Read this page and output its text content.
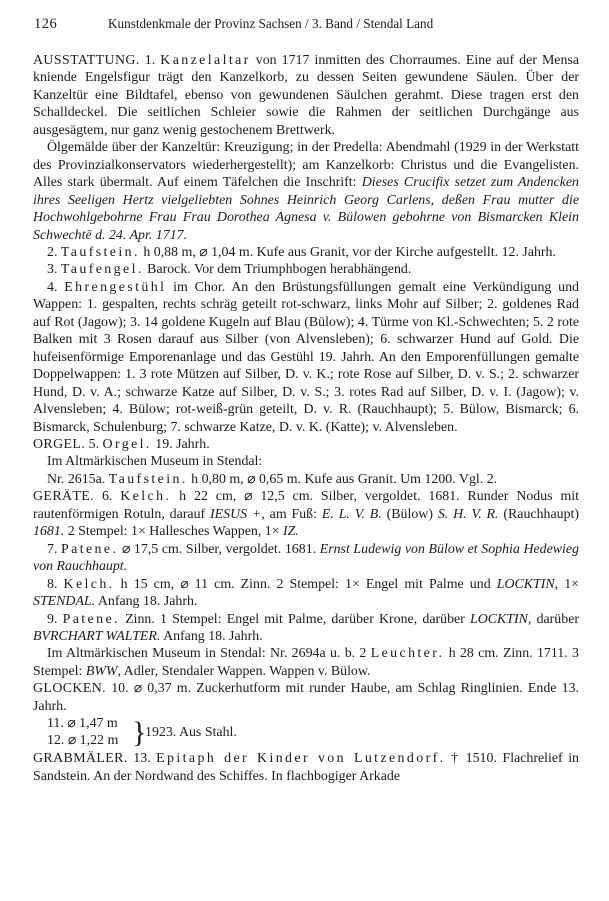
126	Kunstdenkmale der Provinz Sachsen / 3. Band / Stendal Land

AUSSTATTUNG. 1. Kanzelaltar von 1717 inmitten des Chorraumes. Eine auf der Mensa kniende Engelsfigur trägt den Kanzelkorb, zu dessen Seiten gewundene Säulen. Über der Kanzeltür eine Bildtafel, ebenso von gewundenen Säulchen gerahmt. Diese tragen erst den Schalldeckel. Die seitlichen Schleier sowie die Rahmen der seitlichen Durchgänge aus ausgesägtem, nur ganz wenig gestochenem Brettwerk.

Ölgemälde über der Kanzeltür: Kreuzigung; in der Predella: Abendmahl (1929 in der Werkstatt des Provinzialkonservators wiederhergestellt); am Kanzelkorb: Christus und die Evangelisten. Alles stark übermalt. Auf einem Täfelchen die Inschrift: Dieses Crucifix setzet zum Andencken ihres Seeligen Hertz vielgeliebten Sohnes Heinrich Georg Carlens, deßen Frau mutter die Hochwohlgebohrne Frau Frau Dorothea Agnesa v. Bülowen gebohrne von Bismarcken Klein Schwechtē d. 24. Apr. 1717.

2. Taufstein. h 0,88 m, ⌀ 1,04 m. Kufe aus Granit, vor der Kirche aufgestellt. 12. Jahrh.

3. Taufengel. Barock. Vor dem Triumphbogen herabhängend.

4. Ehrengestühl im Chor. An den Brüstungsfüllungen gemalt eine Verkündigung und Wappen: 1. gespalten, rechts schräg geteilt rot-schwarz, links Mohr auf Silber; 2. goldenes Rad auf Rot (Jagow); 3. 14 goldene Kugeln auf Blau (Bülow); 4. Türme von Kl.-Schwechten; 5. 2 rote Balken mit 3 Rosen darauf aus Silber (von Alvensleben); 6. schwarzer Hund auf Gold. Die hufeisenförmige Emporenanlage und das Gestühl 19. Jahrh. An den Emporenfüllungen gemalte Doppelwappen: 1. 3 rote Mützen auf Silber, D. v. K.; rote Rose auf Silber, D. v. S.; 2. schwarzer Hund, D. v. A.; schwarze Katze auf Silber, D. v. S.; 3. rotes Rad auf Silber, D. v. I. (Jagow); v. Alvensleben; 4. Bülow; rot-weiß-grün geteilt, D. v. R. (Rauchhaupt); 5. Bülow, Bismarck; 6. Bismarck, Schulenburg; 7. schwarze Katze, D. v. K. (Katte); v. Alvensleben.

ORGEL. 5. Orgel. 19. Jahrh.

Im Altmärkischen Museum in Stendal:

Nr. 2615a. Taufstein. h 0,80 m, ⌀ 0,65 m. Kufe aus Granit. Um 1200. Vgl. 2.

GERÄTE. 6. Kelch. h 22 cm, ⌀ 12,5 cm. Silber, vergoldet. 1681. Runder Nodus mit rautenförmigen Rotuln, darauf IESUS +, am Fuß: E. L. V. B. (Bülow) S. H. V. R. (Rauchhaupt) 1681. 2 Stempel: 1× Hallesches Wappen, 1× IZ.

7. Patene. ⌀ 17,5 cm. Silber, vergoldet. 1681. Ernst Ludewig von Bülow et Sophia Hedewieg von Rauchhaupt.

8. Kelch. h 15 cm, ⌀ 11 cm. Zinn. 2 Stempel: 1× Engel mit Palme und LOCKTIN, 1× STENDAL. Anfang 18. Jahrh.

9. Patene. Zinn. 1 Stempel: Engel mit Palme, darüber Krone, darüber LOCKTIN, darüber BVRCHART WALTER. Anfang 18. Jahrh.

Im Altmärkischen Museum in Stendal: Nr. 2694a u. b. 2 Leuchter. h 28 cm. Zinn. 1711. 3 Stempel: BWW, Adler, Stendaler Wappen. Wappen v. Bülow.

GLOCKEN. 10. ⌀ 0,37 m. Zuckerhutform mit runder Haube, am Schlag Ringlinien. Ende 13. Jahrh.

11. ⌀ 1,47 m
12. ⌀ 1,22 m }
1923. Aus Stahl.

GRABMÄLER. 13. Epitaph der Kinder von Lutzendorf. † 1510. Flachrelief in Sandstein. An der Nordwand des Schiffes. In flachbogiger Arkade
